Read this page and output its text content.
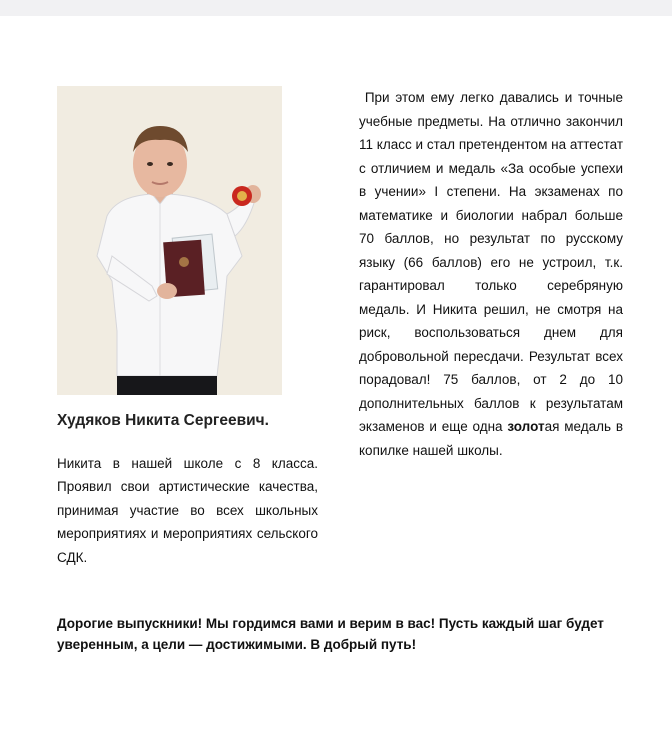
Худяков Никита Сергеевич.

Никита в нашей школе с 8 класса. Проявил свои артистические качества, принимая участие во всех школьных мероприятиях и мероприятиях сельского СДК.

При этом ему легко давались и точные учебные предметы. На отлично закончил 11 класс и стал претендентом на аттестат с отличием и медаль «За особые успехи в учении» I степени. На экзаменах по математике и биологии набрал больше 70 баллов, но результат по русскому языку (66 баллов) его не устроил, т.к. гарантировал только серебряную медаль. И Никита решил, не смотря на риск, воспользоваться днем для добровольной пересдачи. Результат всех порадовал! 75 баллов, от 2 до 10 дополнительных баллов к результатам экзаменов и еще одна золотая медаль в копилке нашей школы.

Дорогие выпускники! Мы гордимся вами и верим в вас! Пусть каждый шаг будет уверенным, а цели — достижимыми. В добрый путь!
